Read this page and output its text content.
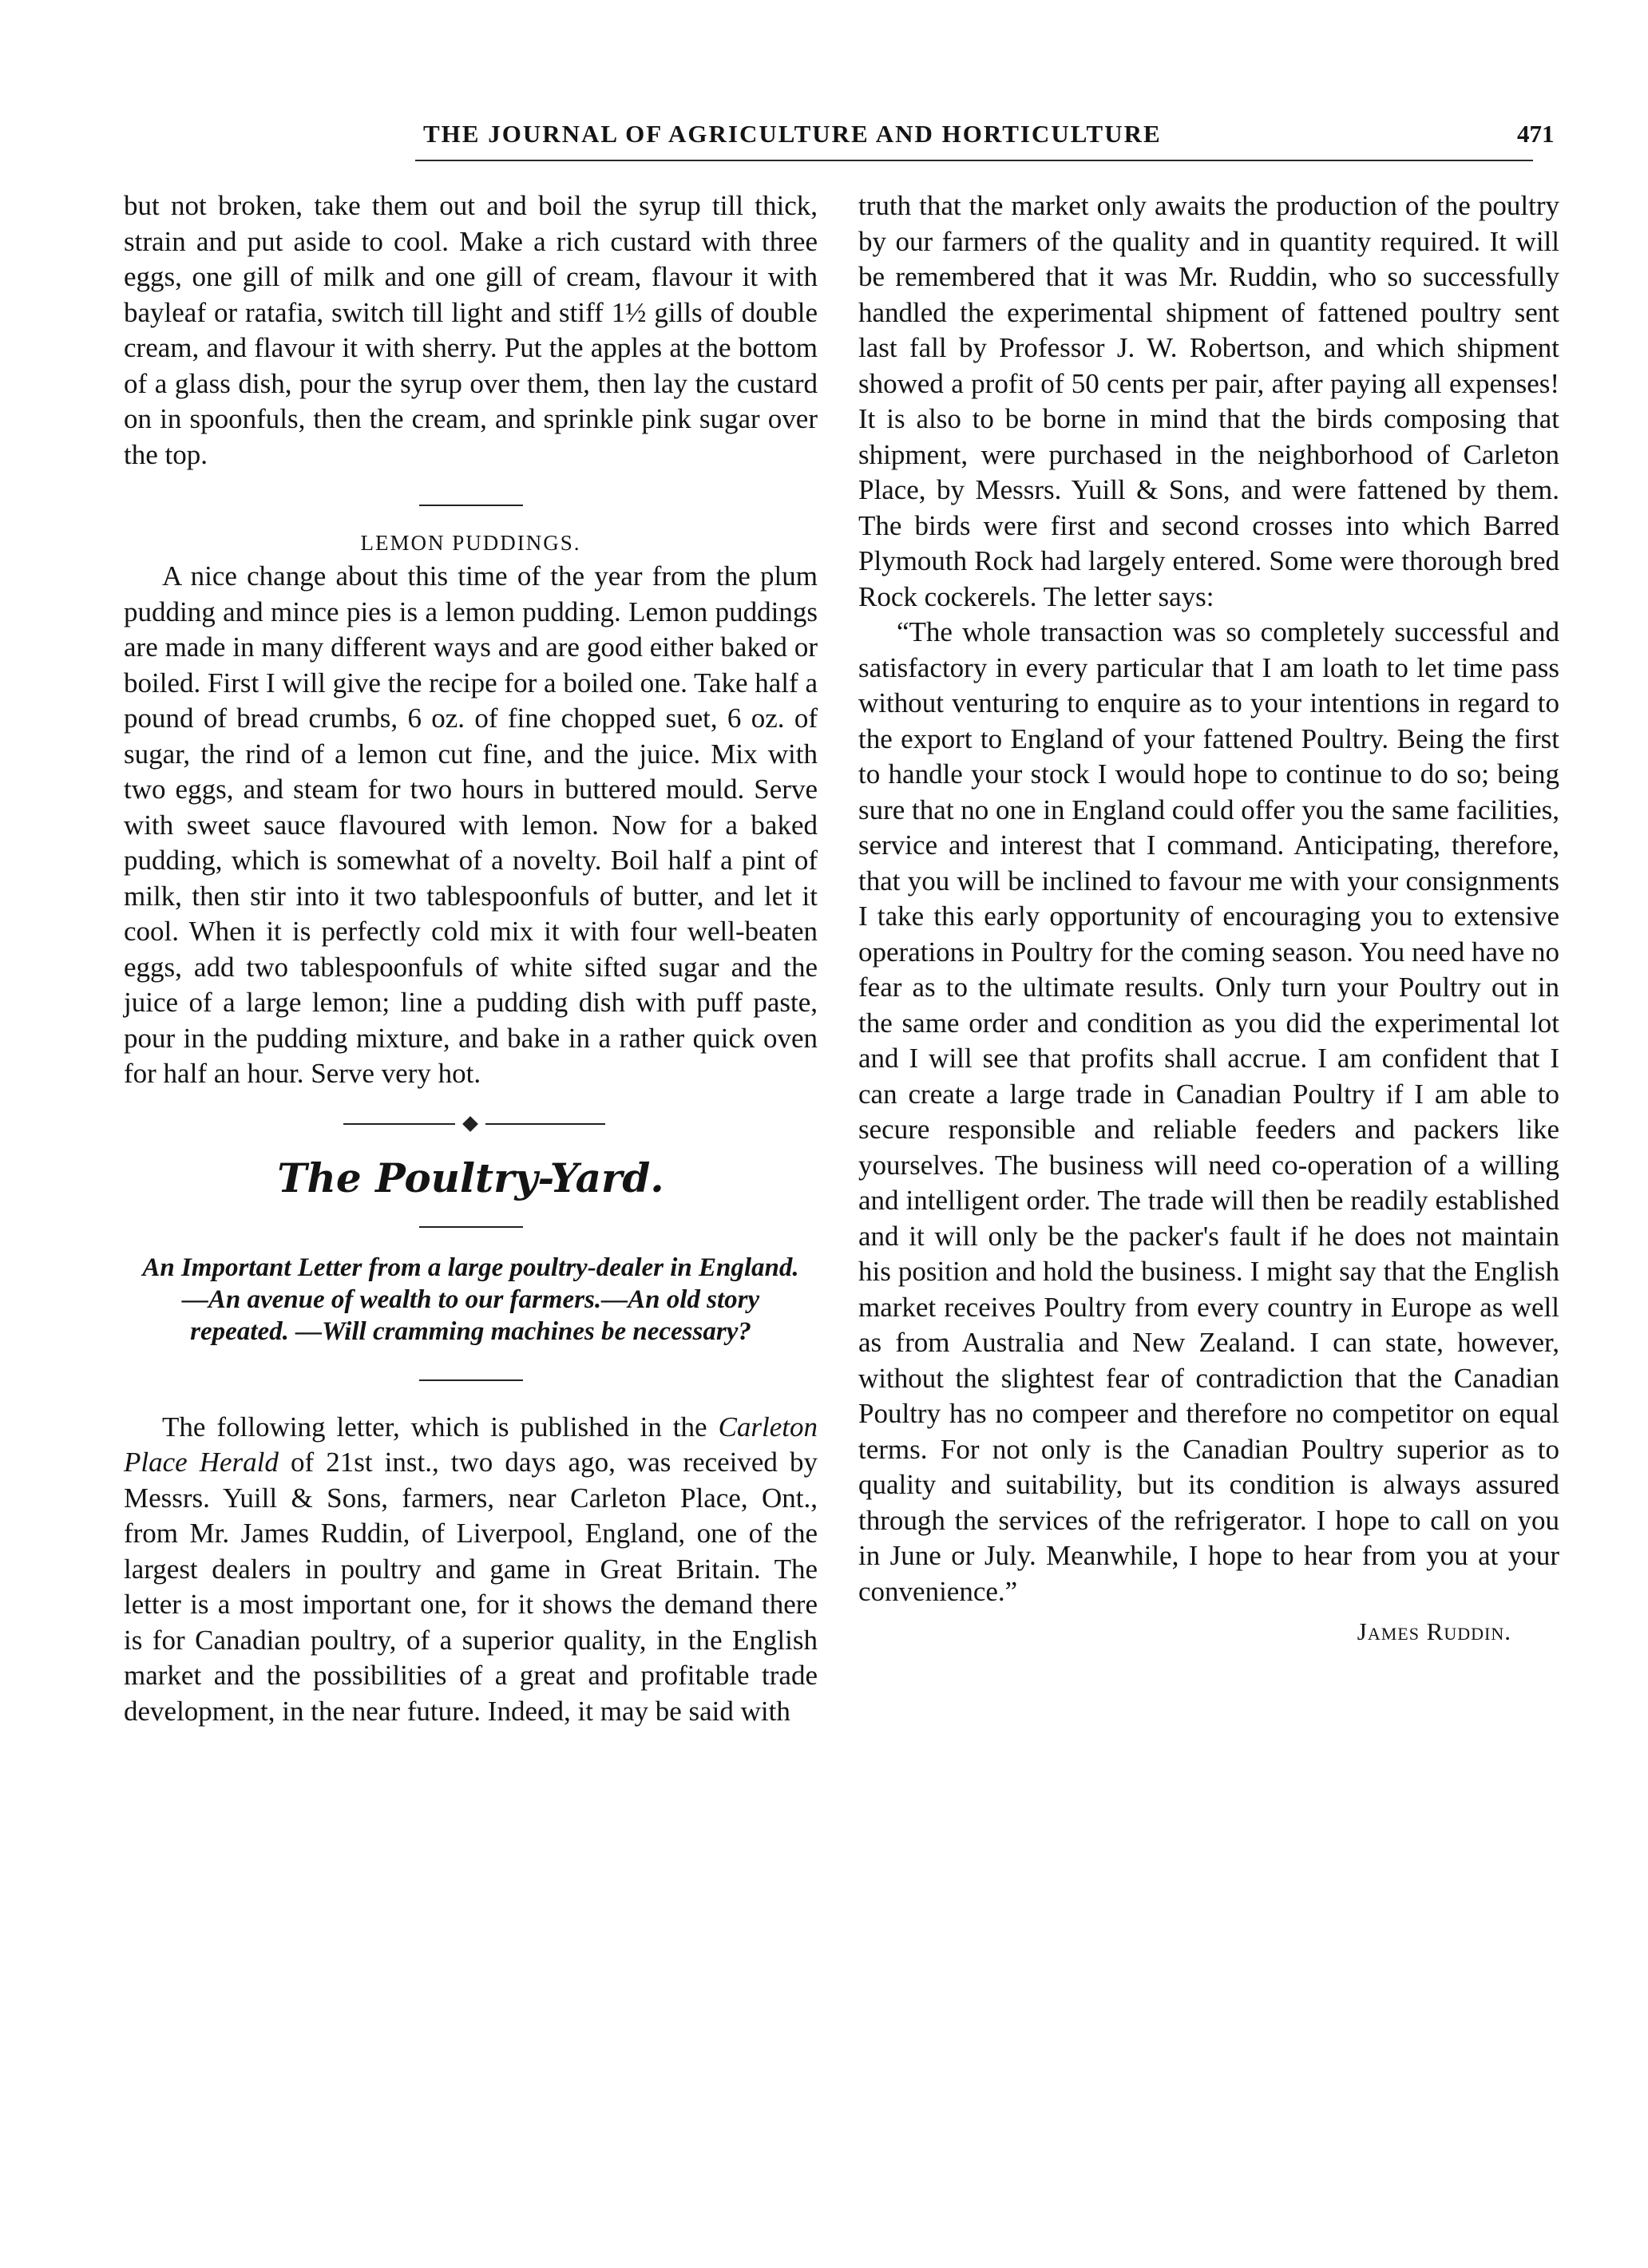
THE JOURNAL OF AGRICULTURE AND HORTICULTURE	471

but not broken, take them out and boil the syrup till thick, strain and put aside to cool. Make a rich custard with three eggs, one gill of milk and one gill of cream, flavour it with bayleaf or ratafia, switch till light and stiff 1½ gills of double cream, and flavour it with sherry. Put the apples at the bottom of a glass dish, pour the syrup over them, then lay the custard on in spoonfuls, then the cream, and sprinkle pink sugar over the top.

LEMON PUDDINGS.

A nice change about this time of the year from the plum pudding and mince pies is a lemon pudding. Lemon puddings are made in many different ways and are good either baked or boiled. First I will give the recipe for a boiled one. Take half a pound of bread crumbs, 6 oz. of fine chopped suet, 6 oz. of sugar, the rind of a lemon cut fine, and the juice. Mix with two eggs, and steam for two hours in buttered mould. Serve with sweet sauce flavoured with lemon. Now for a baked pudding, which is somewhat of a novelty. Boil half a pint of milk, then stir into it two tablespoonfuls of butter, and let it cool. When it is perfectly cold mix it with four well-beaten eggs, add two tablespoonfuls of white sifted sugar and the juice of a large lemon; line a pudding dish with puff paste, pour in the pudding mixture, and bake in a rather quick oven for half an hour. Serve very hot.

The Poultry-Yard.

An Important Letter from a large poultry-dealer in England.—An avenue of wealth to our farmers.—An old story repeated. —Will cramming machines be necessary?

The following letter, which is published in the Carleton Place Herald of 21st inst., two days ago, was received by Messrs. Yuill & Sons, farmers, near Carleton Place, Ont., from Mr. James Ruddin, of Liverpool, England, one of the largest dealers in poultry and game in Great Britain. The letter is a most important one, for it shows the demand there is for Canadian poultry, of a superior quality, in the English market and the possibilities of a great and profitable trade development, in the near future. Indeed, it may be said with

truth that the market only awaits the production of the poultry by our farmers of the quality and in quantity required. It will be remembered that it was Mr. Ruddin, who so successfully handled the experimental shipment of fattened poultry sent last fall by Professor J. W. Robertson, and which shipment showed a profit of 50 cents per pair, after paying all expenses! It is also to be borne in mind that the birds composing that shipment, were purchased in the neighborhood of Carleton Place, by Messrs. Yuill & Sons, and were fattened by them. The birds were first and second crosses into which Barred Plymouth Rock had largely entered. Some were thorough bred Rock cockerels. The letter says:

“The whole transaction was so completely successful and satisfactory in every particular that I am loath to let time pass without venturing to enquire as to your intentions in regard to the export to England of your fattened Poultry. Being the first to handle your stock I would hope to continue to do so; being sure that no one in England could offer you the same facilities, service and interest that I command. Anticipating, therefore, that you will be inclined to favour me with your consignments I take this early opportunity of encouraging you to extensive operations in Poultry for the coming season. You need have no fear as to the ultimate results. Only turn your Poultry out in the same order and condition as you did the experimental lot and I will see that profits shall accrue. I am confident that I can create a large trade in Canadian Poultry if I am able to secure responsible and reliable feeders and packers like yourselves. The business will need co-operation of a willing and intelligent order. The trade will then be readily established and it will only be the packer's fault if he does not maintain his position and hold the business. I might say that the English market receives Poultry from every country in Europe as well as from Australia and New Zealand. I can state, however, without the slightest fear of contradiction that the Canadian Poultry has no compeer and therefore no competitor on equal terms. For not only is the Canadian Poultry superior as to quality and suitability, but its condition is always assured through the services of the refrigerator. I hope to call on you in June or July. Meanwhile, I hope to hear from you at your convenience.”

James Ruddin.
